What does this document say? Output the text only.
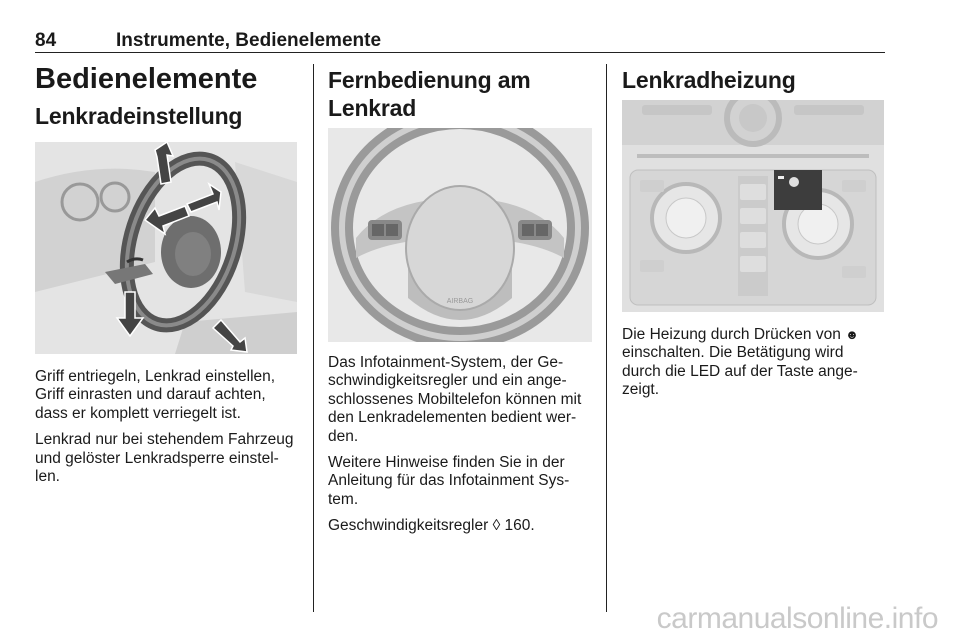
84	Instrumente, Bedienelemente
Bedienelemente
Lenkradeinstellung

Griff entriegeln, Lenkrad einstellen, Griff einrasten und darauf achten, dass er komplett verriegelt ist.

Lenkrad nur bei stehendem Fahrzeug und gelöster Lenkradsperre einstel-len.

Fernbedienung am Lenkrad
AIRBAG

Das Infotainment-System, der Ge-schwindigkeitsregler und ein ange-schlossenes Mobiltelefon können mit den Lenkradelementen bedient wer-den.

Weitere Hinweise finden Sie in der Anleitung für das Infotainment Sys-tem.

Geschwindigkeitsregler ◊ 160.

Lenkradheizung

Die Heizung durch Drücken von ☻ einschalten. Die Betätigung wird durch die LED auf der Taste ange-zeigt.

carmanualsonline.info
